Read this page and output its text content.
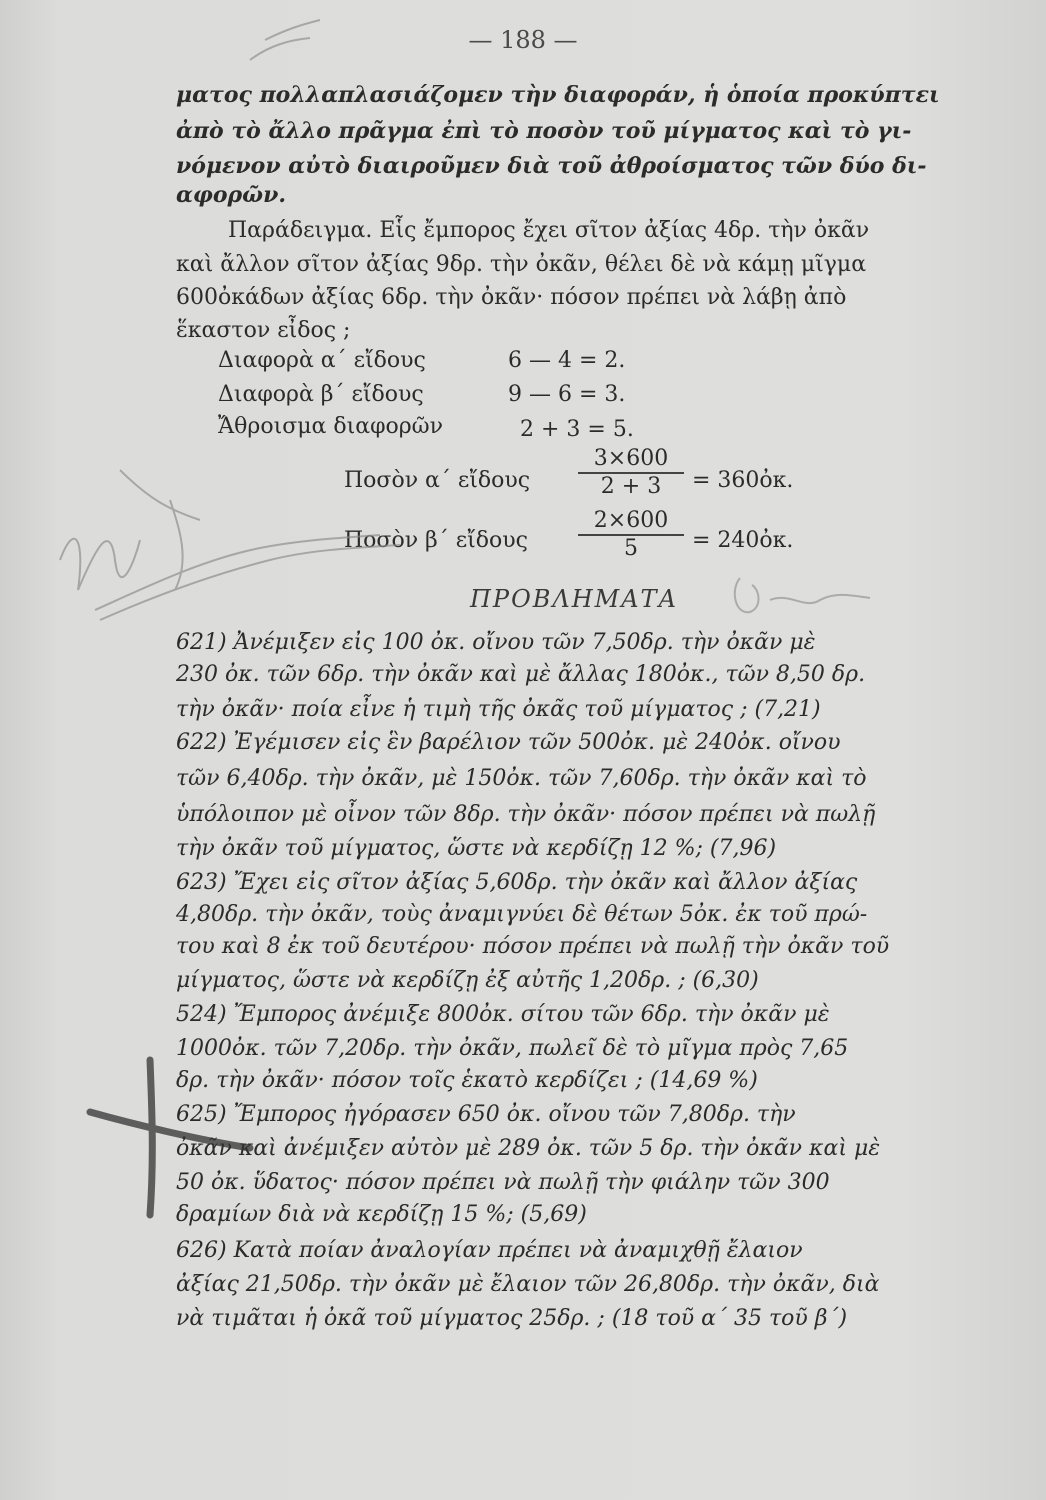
— 188 —
ματος πολλαπλασιάζομεν τὴν διαφοράν, ἡ ὁποία προκύπτει
ἀπὸ τὸ ἄλλο πρᾶγμα ἐπὶ τὸ ποσὸν τοῦ μίγματος καὶ τὸ γι-
νόμενον αὐτὸ διαιροῦμεν διὰ τοῦ ἀθροίσματος τῶν δύο δι-
αφορῶν.
Παράδειγμα. Εἷς ἔμπορος ἔχει σῖτον ἀξίας 4δρ. τὴν ὀκᾶν
καὶ ἄλλον σῖτον ἀξίας 9δρ. τὴν ὀκᾶν, θέλει δὲ νὰ κάμῃ μῖγμα
600ὀκάδων ἀξίας 6δρ. τὴν ὀκᾶν· πόσον πρέπει νὰ λάβῃ ἀπὸ
ἕκαστον εἶδος ;
Διαφορὰ α΄ εἴδους	6 — 4 = 2.
Διαφορὰ β΄ εἴδους	9 — 6 = 3.
Ἄθροισμα διαφορῶν	2 + 3 = 5.
Ποσὸν α΄ εἴδους $\frac{3\times 600}{2 + 3}$ = 360ὀκ.
Ποσὸν β΄ εἴδους $\frac{2\times 600}{5}$ = 240ὀκ.
ΠΡΟΒΛΗΜΑΤΑ
621) Ἀνέμιξεν εἰς 100 ὀκ. οἴνου τῶν 7,50δρ. τὴν ὀκᾶν μὲ
230 ὀκ. τῶν 6δρ. τὴν ὀκᾶν καὶ μὲ ἄλλας 180ὀκ., τῶν 8,50 δρ.
τὴν ὀκᾶν· ποία εἶνε ἡ τιμὴ τῆς ὀκᾶς τοῦ μίγματος ; (7,21)
622) Ἐγέμισεν εἰς ἓν βαρέλιον τῶν 500ὀκ. μὲ 240ὀκ. οἴνου
τῶν 6,40δρ. τὴν ὀκᾶν, μὲ 150ὀκ. τῶν 7,60δρ. τὴν ὀκᾶν καὶ τὸ
ὑπόλοιπον μὲ οἶνον τῶν 8δρ. τὴν ὀκᾶν· πόσον πρέπει νὰ πωλῇ
τὴν ὀκᾶν τοῦ μίγματος, ὥστε νὰ κερδίζῃ 12 %; (7,96)
623) Ἔχει εἰς σῖτον ἀξίας 5,60δρ. τὴν ὀκᾶν καὶ ἄλλον ἀξίας
4,80δρ. τὴν ὀκᾶν, τοὺς ἀναμιγνύει δὲ θέτων 5ὀκ. ἐκ τοῦ πρώ-
του καὶ 8 ἐκ τοῦ δευτέρου· πόσον πρέπει νὰ πωλῇ τὴν ὀκᾶν τοῦ
μίγματος, ὥστε νὰ κερδίζῃ ἐξ αὐτῆς 1,20δρ. ; (6,30)
524) Ἔμπορος ἀνέμιξε 800ὀκ. σίτου τῶν 6δρ. τὴν ὀκᾶν μὲ
1000ὀκ. τῶν 7,20δρ. τὴν ὀκᾶν, πωλεῖ δὲ τὸ μῖγμα πρὸς 7,65
δρ. τὴν ὀκᾶν· πόσον τοῖς ἑκατὸ κερδίζει ; (14,69 %)
625) Ἔμπορος ἠγόρασεν 650 ὀκ. οἴνου τῶν 7,80δρ. τὴν
ὀκᾶν καὶ ἀνέμιξεν αὐτὸν μὲ 289 ὀκ. τῶν 5 δρ. τὴν ὀκᾶν καὶ μὲ
50 ὀκ. ὕδατος· πόσον πρέπει νὰ πωλῇ τὴν φιάλην τῶν 300
δραμίων διὰ νὰ κερδίζῃ 15 %; (5,69)
626) Κατὰ ποίαν ἀναλογίαν πρέπει νὰ ἀναμιχθῇ ἔλαιον
ἀξίας 21,50δρ. τὴν ὀκᾶν μὲ ἔλαιον τῶν 26,80δρ. τὴν ὀκᾶν, διὰ
νὰ τιμᾶται ἡ ὀκᾶ τοῦ μίγματος 25δρ. ; (18 τοῦ α΄ 35 τοῦ β΄)
